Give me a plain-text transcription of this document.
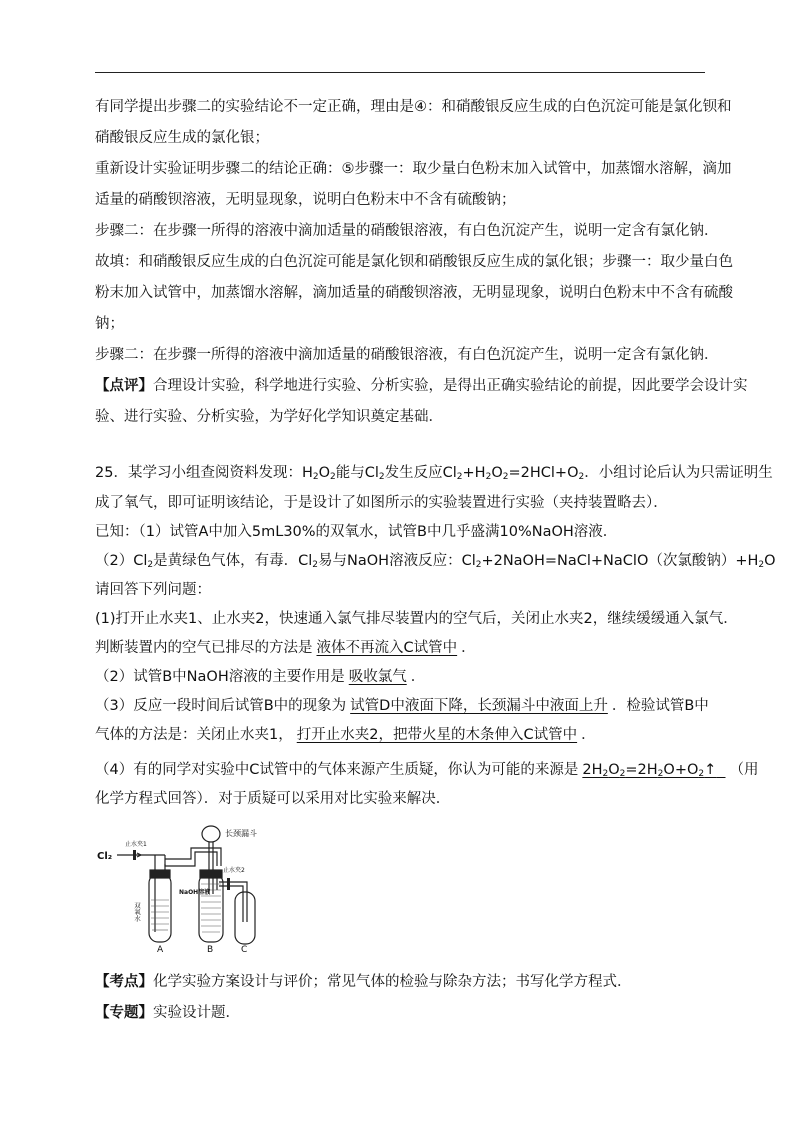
有同学提出步骤二的实验结论不一定正确，理由是④：和硝酸银反应生成的白色沉淀可能是氯化钡和
硝酸银反应生成的氯化银；
重新设计实验证明步骤二的结论正确：⑤步骤一：取少量白色粉末加入试管中，加蒸馏水溶解，滴加
适量的硝酸钡溶液，无明显现象，说明白色粉末中不含有硫酸钠；
步骤二：在步骤一所得的溶液中滴加适量的硝酸银溶液，有白色沉淀产生，说明一定含有氯化钠．
故填：和硝酸银反应生成的白色沉淀可能是氯化钡和硝酸银反应生成的氯化银；步骤一：取少量白色
粉末加入试管中，加蒸馏水溶解，滴加适量的硝酸钡溶液，无明显现象，说明白色粉末中不含有硫酸
钠；
步骤二：在步骤一所得的溶液中滴加适量的硝酸银溶液，有白色沉淀产生，说明一定含有氯化钠．
【点评】合理设计实验，科学地进行实验、分析实验，是得出正确实验结论的前提，因此要学会设计实
验、进行实验、分析实验，为学好化学知识奠定基础．
25．某学习小组查阅资料发现：$H_2O_2$能与$Cl_2$发生反应$Cl_2+H_2O_2=2HCl+O_2$．小组讨论后认为只需证明生
成了氧气，即可证明该结论，于是设计了如图所示的实验装置进行实验（夹持装置略去）．
已知：（1）试管A中加入5mL30%的双氧水，试管B中几乎盛满10%NaOH溶液．
$(2)Cl_2$是黄绿色气体，有毒．$Cl_2$易与NaOH溶液反应：$Cl_2+2NaOH=NaCl+NaClO$（次氯酸钠）$+H_2O$
请回答下列问题：
(1)打开止水夹1、止水夹2，快速通入氯气排尽装置内的空气后，关闭止水夹2，继续缓缓通入氯气．
判断装置内的空气已排尽的方法是 液体不再流入C试管中 ．
（2）试管B中NaOH溶液的主要作用是 吸收氯气 ．
（3）反应一段时间后试管B中的现象为 试管D中液面下降，长颈漏斗中液面上升 ．检验试管B中
气体的方法是：关闭止水夹1， 打开止水夹2，把带火星的木条伸入C试管中 ．
（4）有的同学对实验中C试管中的气体来源产生质疑，你认为可能的来源是 $2H_2O_2=2H_2O+O_2↑$ （用
化学方程式回答）．对于质疑可以采用对比实验来解决．
长颈漏斗
Cl₂
止水夹1
止水夹2
双氧水
NaOH溶液
A	B	C
【考点】化学实验方案设计与评价；常见气体的检验与除杂方法；书写化学方程式．
【专题】实验设计题．
